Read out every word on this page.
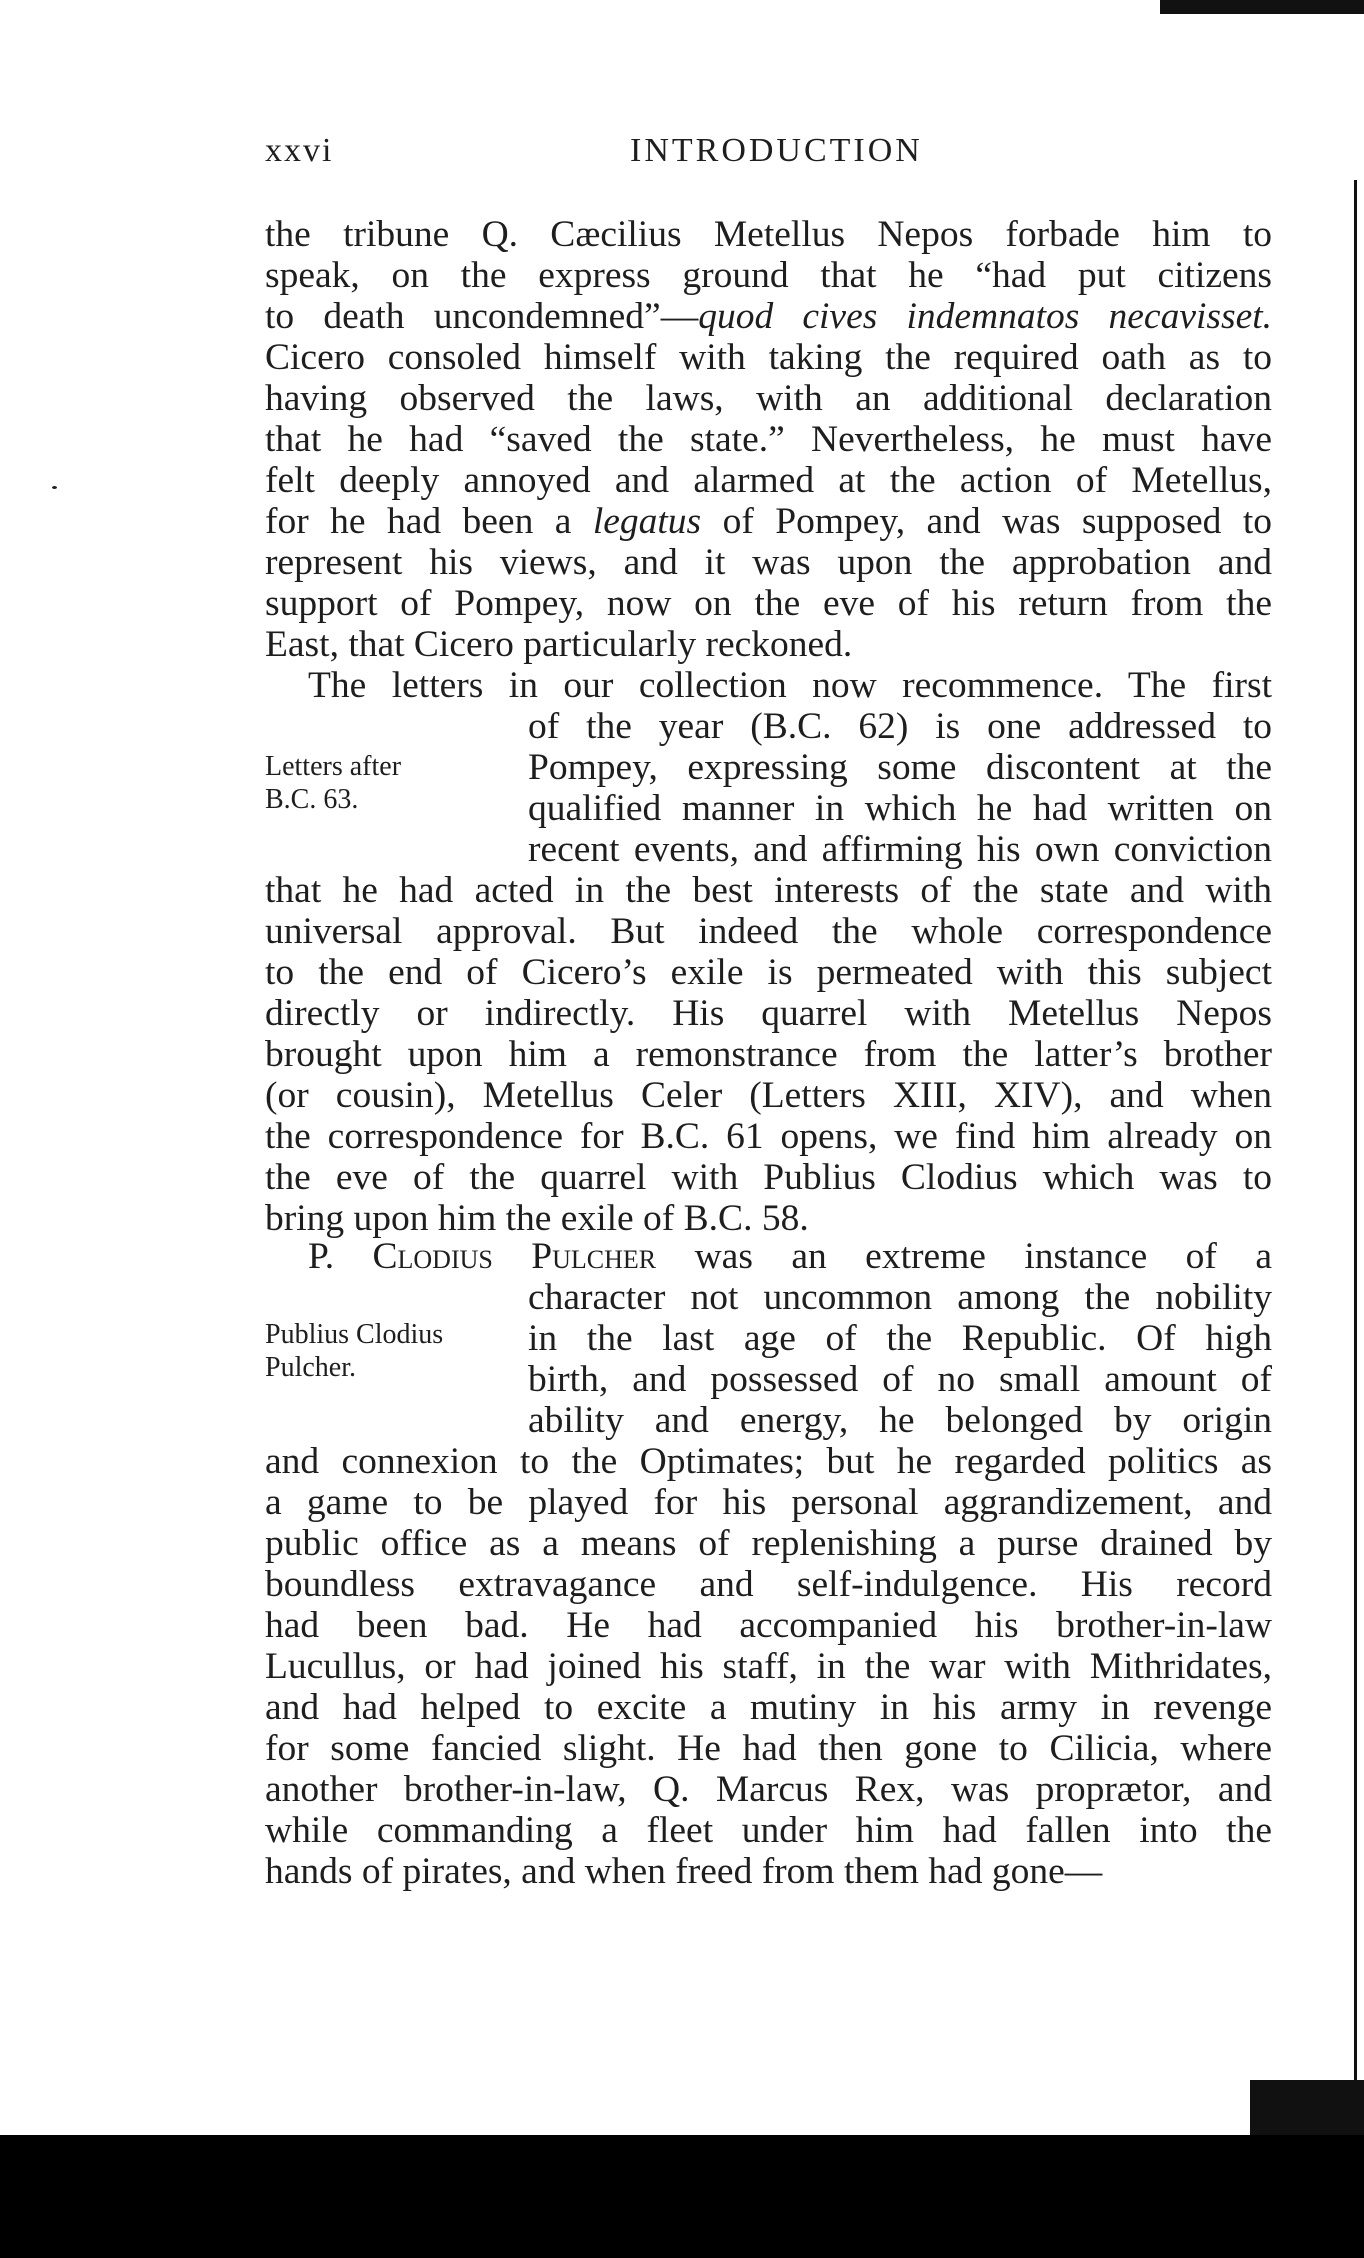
xxvi	INTRODUCTION
the tribune Q. Cæcilius Metellus Nepos forbade him to
speak, on the express ground that he “had put citizens
to death uncondemned”—quod cives indemnatos necavisset.
Cicero consoled himself with taking the required oath as to
having observed the laws, with an additional declaration
that he had “saved the state.” Nevertheless, he must have
felt deeply annoyed and alarmed at the action of Metellus,
for he had been a legatus of Pompey, and was supposed to
represent his views, and it was upon the approbation and
support of Pompey, now on the eve of his return from the
East, that Cicero particularly reckoned.
The letters in our collection now recommence. The first
of the year (B.C. 62) is one addressed to
Pompey, expressing some discontent at the
qualified manner in which he had written on
recent events, and affirming his own conviction
that he had acted in the best interests of the state and with
universal approval. But indeed the whole correspondence
to the end of Cicero’s exile is permeated with this subject
directly or indirectly. His quarrel with Metellus Nepos
brought upon him a remonstrance from the latter’s brother
(or cousin), Metellus Celer (Letters XIII, XIV), and when
the correspondence for B.C. 61 opens, we find him already on
the eve of the quarrel with Publius Clodius which was to
bring upon him the exile of B.C. 58.
P. Clodius Pulcher was an extreme instance of a
character not uncommon among the nobility
in the last age of the Republic. Of high
birth, and possessed of no small amount of
ability and energy, he belonged by origin
and connexion to the Optimates; but he regarded politics as
a game to be played for his personal aggrandizement, and
public office as a means of replenishing a purse drained by
boundless extravagance and self-indulgence. His record
had been bad. He had accompanied his brother-in-law
Lucullus, or had joined his staff, in the war with Mithridates,
and had helped to excite a mutiny in his army in revenge
for some fancied slight. He had then gone to Cilicia, where
another brother-in-law, Q. Marcus Rex, was proprætor, and
while commanding a fleet under him had fallen into the
hands of pirates, and when freed from them had gone—
Letters after
B.C. 63.
Publius Clodius
Pulcher.
